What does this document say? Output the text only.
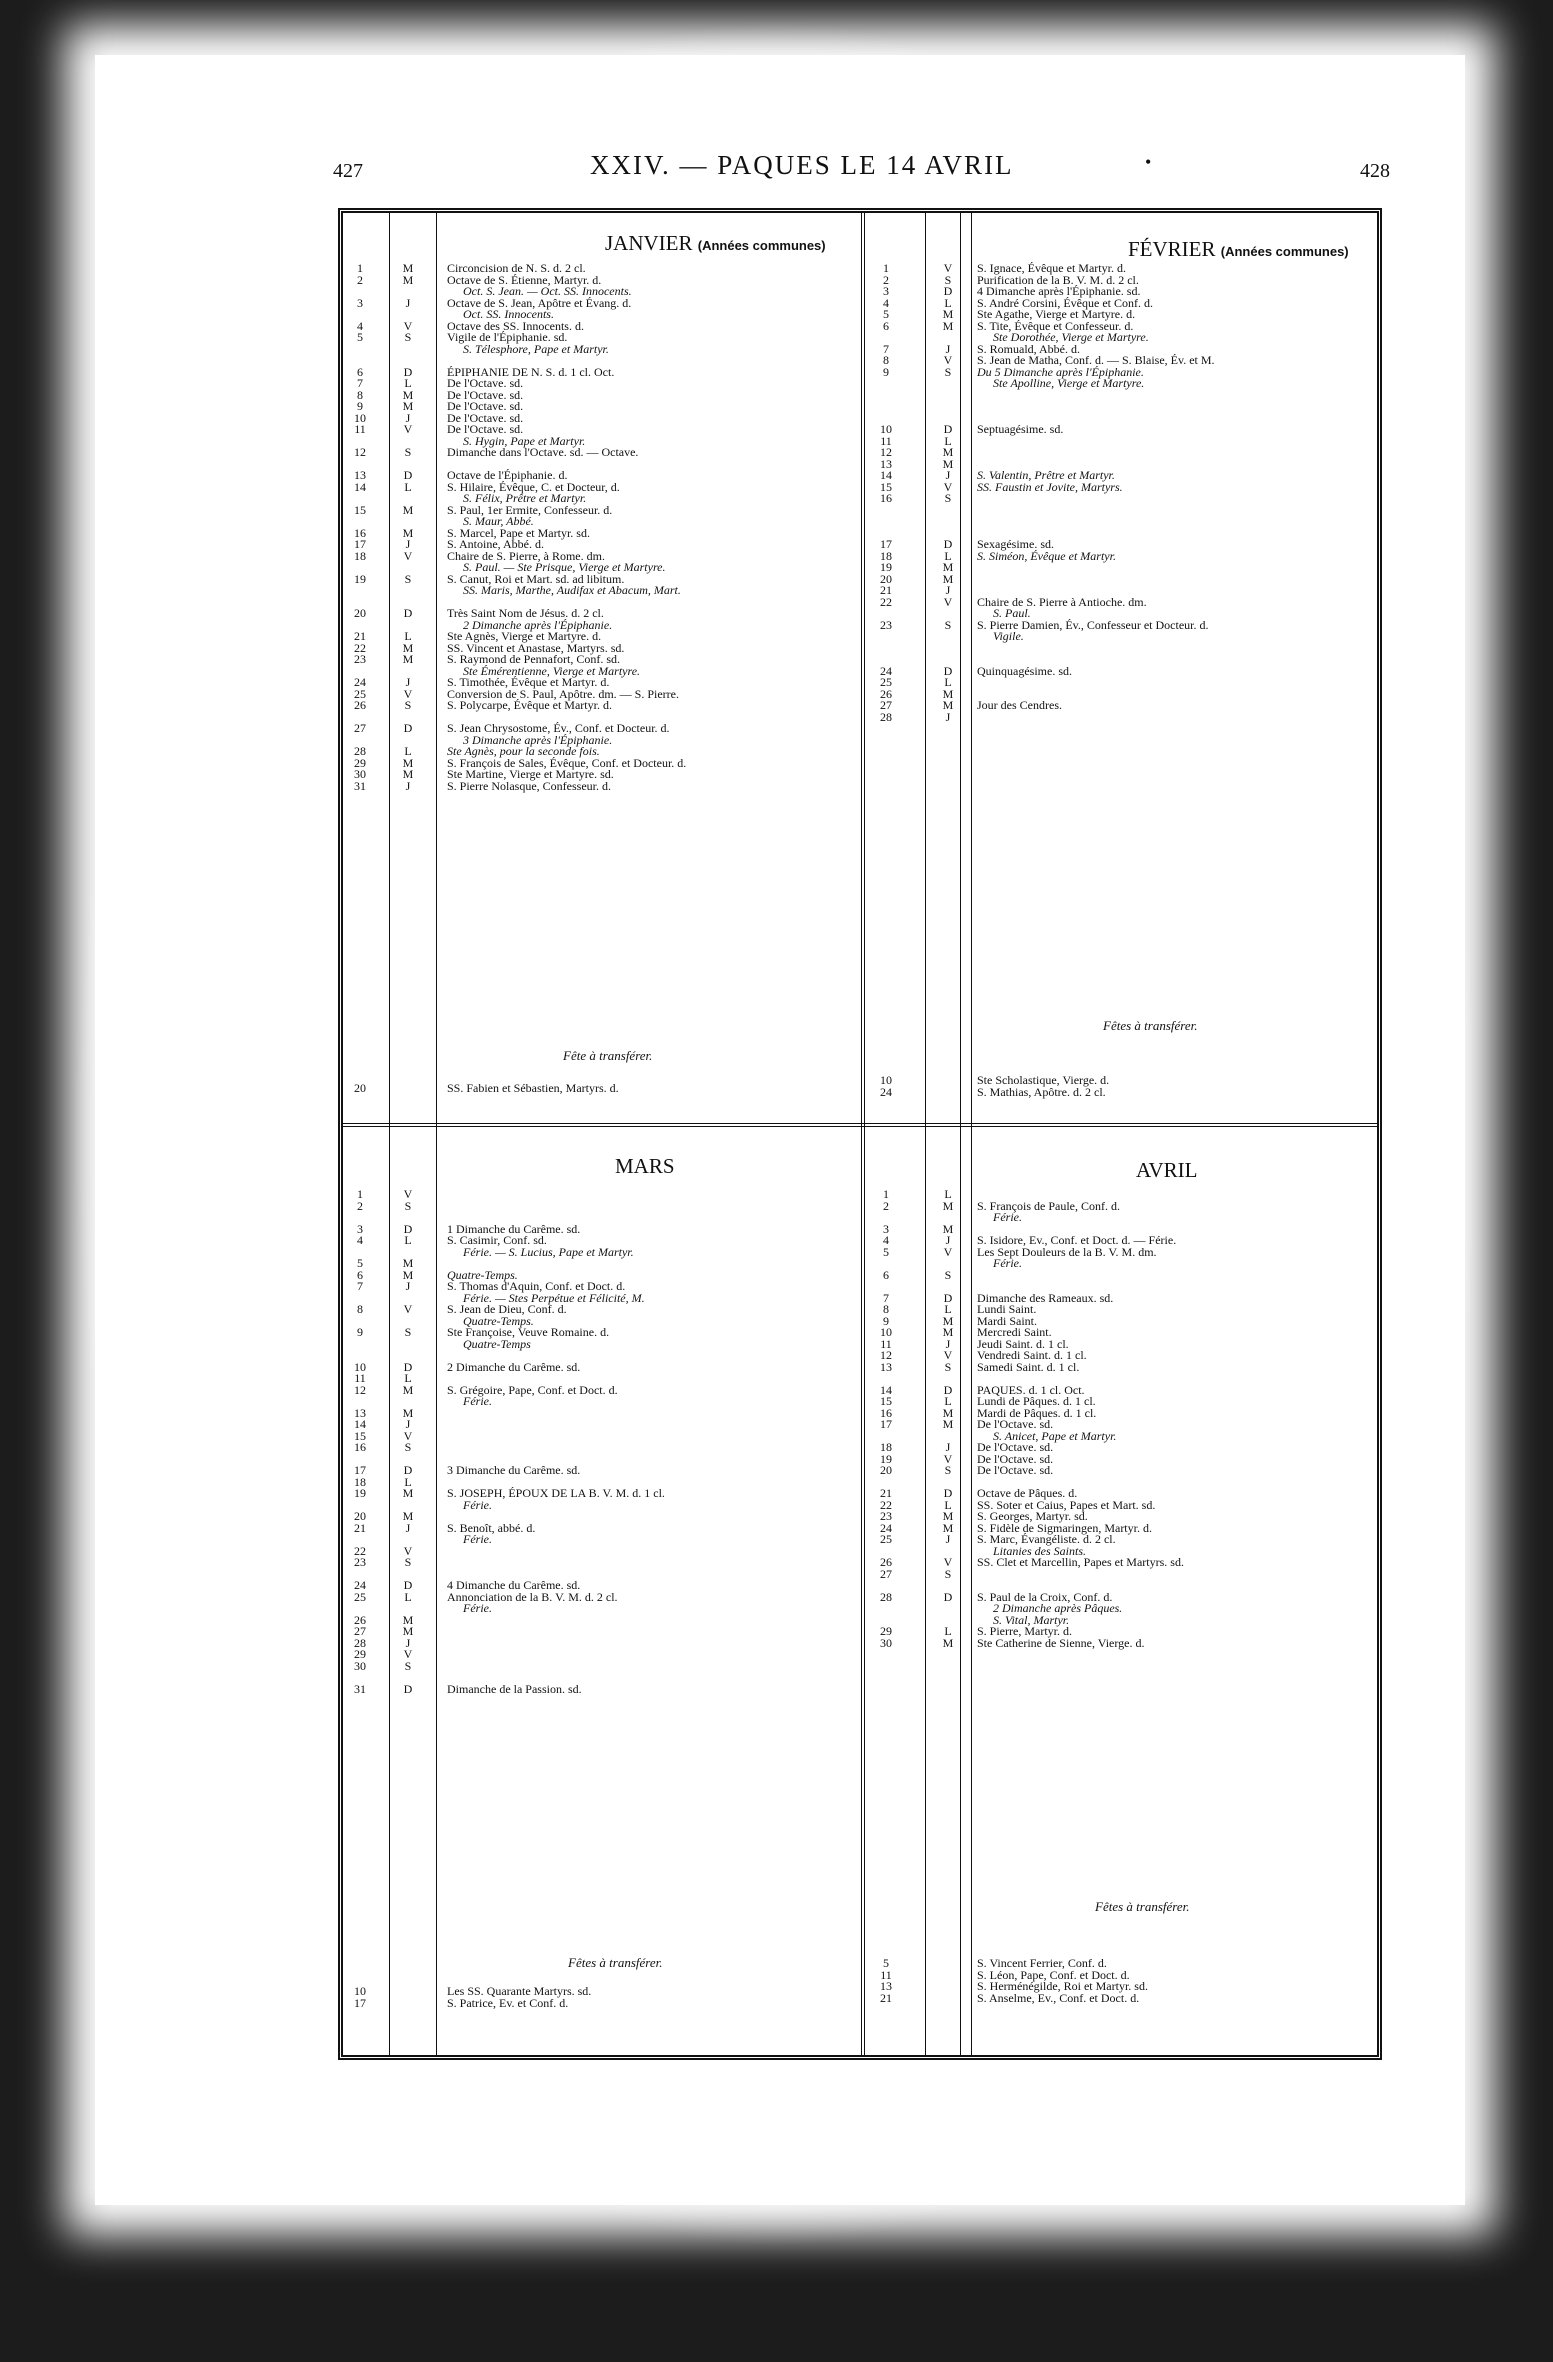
427	XXIV. — PAQUES LE 14 AVRIL	•	428
JANVIER (Années communes)	FÉVRIER (Années communes)
MARS	AVRIL
1	M	Circoncision de N. S. d. 2 cl.
2	M	Octave de S. Étienne, Martyr. d.
Oct. S. Jean. — Oct. SS. Innocents.
3	J	Octave de S. Jean, Apôtre et Évang. d.
Oct. SS. Innocents.
4	V	Octave des SS. Innocents. d.
5	S	Vigile de l'Épiphanie. sd.
S. Télesphore, Pape et Martyr.
6	D	ÉPIPHANIE DE N. S. d. 1 cl. Oct.
7	L	De l'Octave. sd.
8	M	De l'Octave. sd.
9	M	De l'Octave. sd.
10	J	De l'Octave. sd.
11	V	De l'Octave. sd.
S. Hygin, Pape et Martyr.
12	S	Dimanche dans l'Octave. sd. — Octave.
13	D	Octave de l'Épiphanie. d.
14	L	S. Hilaire, Évêque, C. et Docteur, d.
S. Félix, Prêtre et Martyr.
15	M	S. Paul, 1er Ermite, Confesseur. d.
S. Maur, Abbé.
16	M	S. Marcel, Pape et Martyr. sd.
17	J	S. Antoine, Abbé. d.
18	V	Chaire de S. Pierre, à Rome. dm.
S. Paul. — Ste Prisque, Vierge et Martyre.
19	S	S. Canut, Roi et Mart. sd. ad libitum.
SS. Maris, Marthe, Audifax et Abacum, Mart.
20	D	Très Saint Nom de Jésus. d. 2 cl.
2 Dimanche après l'Épiphanie.
21	L	Ste Agnès, Vierge et Martyre. d.
22	M	SS. Vincent et Anastase, Martyrs. sd.
23	M	S. Raymond de Pennafort, Conf. sd.
Ste Émérentienne, Vierge et Martyre.
24	J	S. Timothée, Évêque et Martyr. d.
25	V	Conversion de S. Paul, Apôtre. dm. — S. Pierre.
26	S	S. Polycarpe, Évêque et Martyr. d.
27	D	S. Jean Chrysostome, Év., Conf. et Docteur. d.
3 Dimanche après l'Épiphanie.
28	L	Ste Agnès, pour la seconde fois.
29	M	S. François de Sales, Évêque, Conf. et Docteur. d.
30	M	Ste Martine, Vierge et Martyre. sd.
31	J	S. Pierre Nolasque, Confesseur. d.
Fête à transférer.
20	SS. Fabien et Sébastien, Martyrs. d.
1	V	S. Ignace, Évêque et Martyr. d.
2	S	Purification de la B. V. M. d. 2 cl.
3	D	4 Dimanche après l'Épiphanie. sd.
4	L	S. André Corsini, Évêque et Conf. d.
5	M	Ste Agathe, Vierge et Martyre. d.
6	M	S. Tite, Évêque et Confesseur. d.
Ste Dorothée, Vierge et Martyre.
7	J	S. Romuald, Abbé. d.
8	V	S. Jean de Matha, Conf. d. — S. Blaise, Év. et M.
9	S	Du 5 Dimanche après l'Épiphanie.
Ste Apolline, Vierge et Martyre.
10	D	Septuagésime. sd.
11	L
12	M
13	M
14	J	S. Valentin, Prêtre et Martyr.
15	V	SS. Faustin et Jovite, Martyrs.
16	S
17	D	Sexagésime. sd.
18	L	S. Siméon, Évêque et Martyr.
19	M
20	M
21	J
22	V	Chaire de S. Pierre à Antioche. dm.
S. Paul.
23	S	S. Pierre Damien, Év., Confesseur et Docteur. d.
Vigile.
24	D	Quinquagésime. sd.
25	L
26	M
27	M	Jour des Cendres.
28	J
Fêtes à transférer.
10	Ste Scholastique, Vierge. d.
24	S. Mathias, Apôtre. d. 2 cl.
1	V
2	S
3	D	1 Dimanche du Carême. sd.
4	L	S. Casimir, Conf. sd.
Férie. — S. Lucius, Pape et Martyr.
5	M
6	M	Quatre-Temps.
7	J	S. Thomas d'Aquin, Conf. et Doct. d.
Férie. — Stes Perpétue et Félicité, M.
8	V	S. Jean de Dieu, Conf. d.
Quatre-Temps.
9	S	Ste Françoise, Veuve Romaine. d.
Quatre-Temps
10	D	2 Dimanche du Carême. sd.
11	L
12	M	S. Grégoire, Pape, Conf. et Doct. d.
Férie.
13	M
14	J
15	V
16	S
17	D	3 Dimanche du Carême. sd.
18	L
19	M	S. JOSEPH, ÉPOUX DE LA B. V. M. d. 1 cl.
Férie.
20	M
21	J	S. Benoît, abbé. d.
Férie.
22	V
23	S
24	D	4 Dimanche du Carême. sd.
25	L	Annonciation de la B. V. M. d. 2 cl.
Férie.
26	M
27	M
28	J
29	V
30	S
31	D	Dimanche de la Passion. sd.
Fêtes à transférer.
10	Les SS. Quarante Martyrs. sd.
17	S. Patrice, Ev. et Conf. d.
1	L
2	M	S. François de Paule, Conf. d.
Férie.
3	M
4	J	S. Isidore, Ev., Conf. et Doct. d. — Férie.
5	V	Les Sept Douleurs de la B. V. M. dm.
Férie.
6	S
7	D	Dimanche des Rameaux. sd.
8	L	Lundi Saint.
9	M	Mardi Saint.
10	M	Mercredi Saint.
11	J	Jeudi Saint. d. 1 cl.
12	V	Vendredi Saint. d. 1 cl.
13	S	Samedi Saint. d. 1 cl.
14	D	PAQUES. d. 1 cl. Oct.
15	L	Lundi de Pâques. d. 1 cl.
16	M	Mardi de Pâques. d. 1 cl.
17	M	De l'Octave. sd.
S. Anicet, Pape et Martyr.
18	J	De l'Octave. sd.
19	V	De l'Octave. sd.
20	S	De l'Octave. sd.
21	D	Octave de Pâques. d.
22	L	SS. Soter et Caius, Papes et Mart. sd.
23	M	S. Georges, Martyr. sd.
24	M	S. Fidèle de Sigmaringen, Martyr. d.
25	J	S. Marc, Évangéliste. d. 2 cl.
Litanies des Saints.
26	V	SS. Clet et Marcellin, Papes et Martyrs. sd.
27	S
28	D	S. Paul de la Croix, Conf. d.
2 Dimanche après Pâques.
S. Vital, Martyr.
29	L	S. Pierre, Martyr. d.
30	M	Ste Catherine de Sienne, Vierge. d.
Fêtes à transférer.
5	S. Vincent Ferrier, Conf. d.
11	S. Léon, Pape, Conf. et Doct. d.
13	S. Herménégilde, Roi et Martyr. sd.
21	S. Anselme, Ev., Conf. et Doct. d.
